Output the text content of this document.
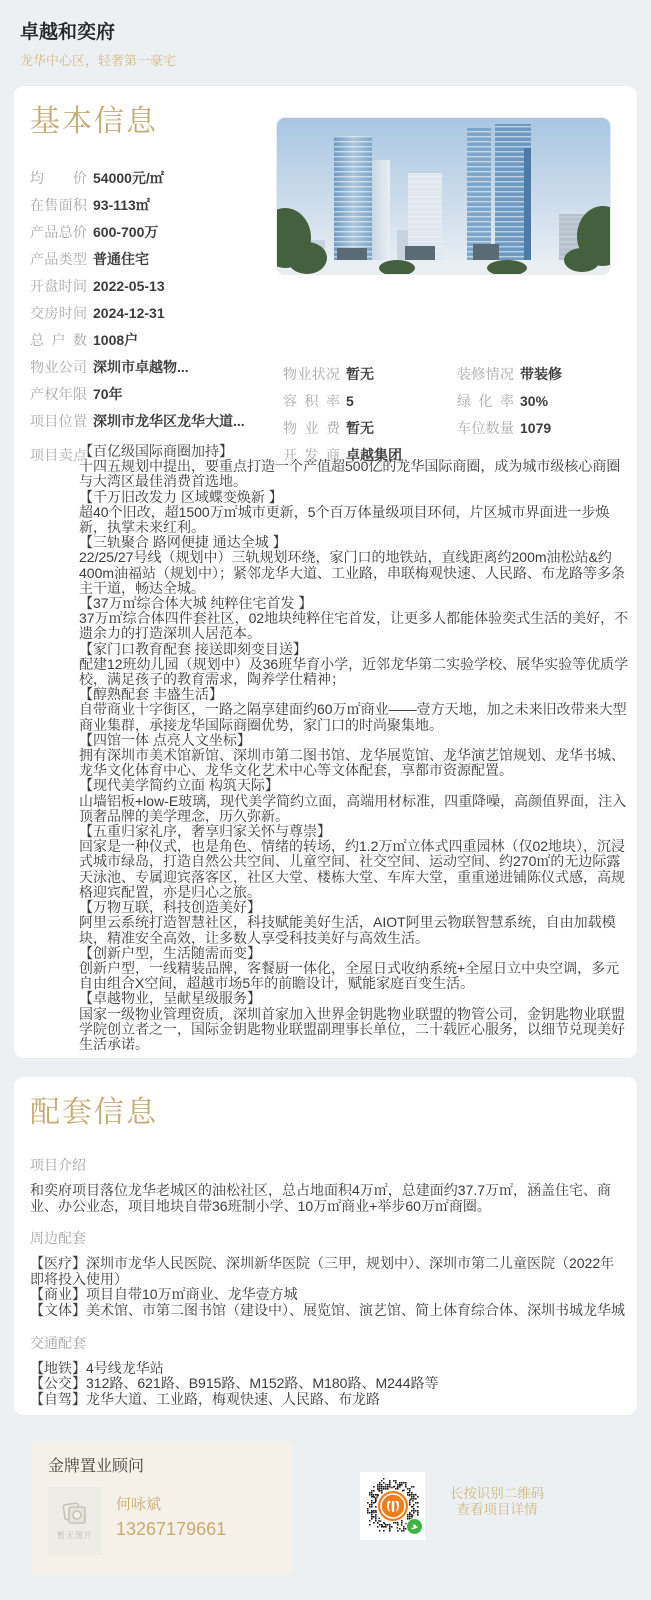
卓越和奕府
龙华中心区，轻奢第一豪宅
基本信息
均价 54000元/㎡
在售面积 93-113㎡
产品总价 600-700万
产品类型 普通住宅
开盘时间 2022-05-13
交房时间 2024-12-31
总户数 1008户
物业公司 深圳市卓越物...
产权年限 70年
项目位置 深圳市龙华区龙华大道...
物业状况 暂无
容积率 5
物业费 暂无
开发商 卓越集团
装修情况 带装修
绿化率 30%
车位数量 1079
项目卖点
【百亿级国际商圈加持】
十四五规划中提出，要重点打造一个产值超500亿的龙华国际商圈，成为城市级核心商圈与大湾区最佳消费首选地。
【千万旧改发力 区域蝶变焕新 】
超40个旧改，超1500万㎡城市更新，5个百万体量级项目环伺，片区城市界面进一步焕新，执掌未来红利。
【三轨聚合 路网便捷 通达全城 】
22/25/27号线（规划中）三轨规划环绕，家门口的地铁站，直线距离约200m油松站&约400m油福站（规划中）；紧邻龙华大道、工业路，串联梅观快速、人民路、布龙路等多条主干道，畅达全城。
【37万㎡综合体大城 纯粹住宅首发 】
37万㎡综合体四件套社区，02地块纯粹住宅首发，让更多人都能体验奕式生活的美好，不遗余力的打造深圳人居范本。
【家门口教育配套 接送即刻变目送】
配建12班幼儿园（规划中）及36班华育小学，近邻龙华第二实验学校、展华实验等优质学校，满足孩子的教育需求，陶养学仕精神；
【醇熟配套 丰盛生活】
自带商业十字街区，一路之隔享建面约60万㎡商业——壹方天地，加之未来旧改带来大型商业集群，承接龙华国际商圈优势，家门口的时尚聚集地。
【四馆一体 点亮人文坐标】
拥有深圳市美术馆新馆、深圳市第二图书馆、龙华展览馆、龙华演艺馆规划、龙华书城、龙华文化体育中心、龙华文化艺术中心等文体配套，享都市资源配置。
【现代美学简约立面 构筑天际】
山墙铝板+low-E玻璃，现代美学简约立面，高端用材标准，四重降噪，高颜值界面，注入顶奢品牌的美学理念，历久弥新。
【五重归家礼序，奢享归家关怀与尊崇】
回家是一种仪式，也是角色、情绪的转场，约1.2万㎡立体式四重园林（仅02地块），沉浸式城市绿岛，打造自然公共空间、儿童空间、社交空间、运动空间、约270㎡的无边际露天泳池、专属迎宾落客区，社区大堂、楼栋大堂、车库大堂，重重递进铺陈仪式感，高规格迎宾配置，亦是归心之旅。
【万物互联，科技创造美好】
阿里云系统打造智慧社区，科技赋能美好生活，AIOT阿里云物联智慧系统，自由加载模块，精准安全高效，让多数人享受科技美好与高效生活。
【创新户型，生活随需而变】
创新户型，一线精装品牌，客餐厨一体化，全屋日式收纳系统+全屋日立中央空调，多元自由组合X空间，超越市场5年的前瞻设计，赋能家庭百变生活。
【卓越物业，呈献星级服务】
国家一级物业管理资质，深圳首家加入世界金钥匙物业联盟的物管公司，金钥匙物业联盟学院创立者之一，国际金钥匙物业联盟副理事长单位，二十载匠心服务，以细节兑现美好生活承诺。
配套信息
项目介绍
和奕府项目落位龙华老城区的油松社区，总占地面积4万㎡，总建面约37.7万㎡，涵盖住宅、商业、办公业态，项目地块自带36班制小学、10万㎡商业+举步60万㎡商圈。
周边配套
【医疗】深圳市龙华人民医院、深圳新华医院（三甲，规划中）、深圳市第二儿童医院（2022年即将投入使用）
【商业】项目自带10万㎡商业、龙华壹方城
【文体】美术馆、市第二图书馆（建设中）、展览馆、演艺馆、简上体育综合体、深圳书城龙华城
交通配套
【地铁】4号线龙华站
【公交】312路、621路、B915路、M152路、M180路、M244路等
【自驾】龙华大道、工业路，梅观快速、人民路、布龙路
金牌置业顾问
暂无图片
何咏斌
13267179661
长按识别二维码
查看项目详情
